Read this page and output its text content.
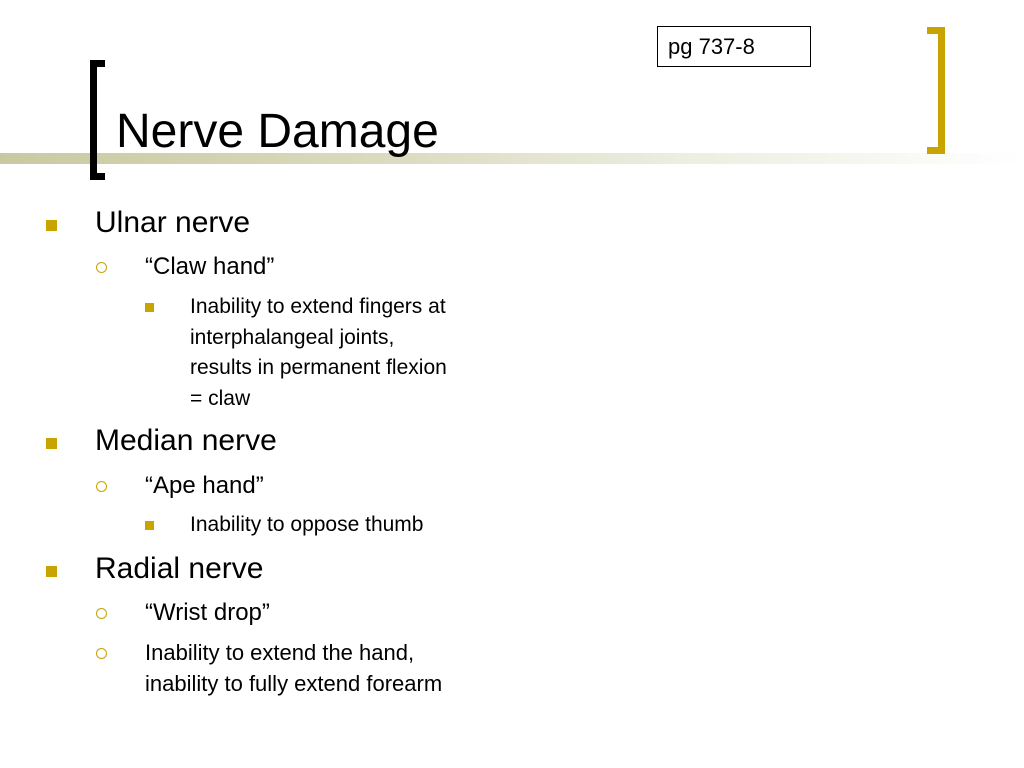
Nerve Damage
pg 737-8
Ulnar nerve
“Claw hand”
Inability to extend fingers at
interphalangeal joints,
results in permanent flexion
= claw
Median nerve
“Ape hand”
Inability to oppose thumb
Radial nerve
“Wrist drop”
Inability to extend the hand,
inability to fully extend forearm
